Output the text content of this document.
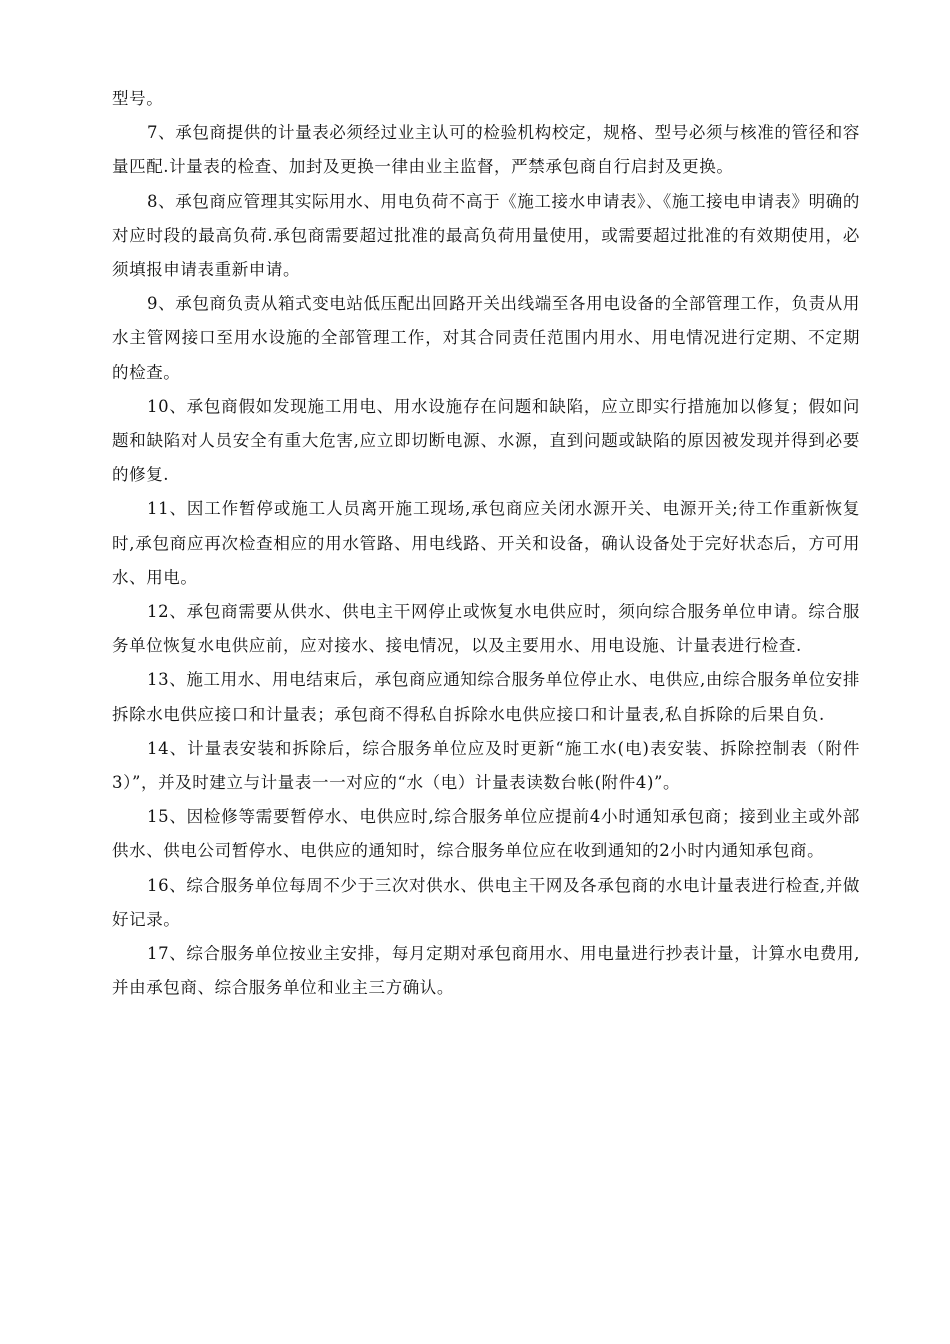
型号。

7、承包商提供的计量表必须经过业主认可的检验机构校定，规格、型号必须与核准的管径和容量匹配.计量表的检查、加封及更换一律由业主监督，严禁承包商自行启封及更换。

8、承包商应管理其实际用水、用电负荷不高于《施工接水申请表》、《施工接电申请表》明确的对应时段的最高负荷.承包商需要超过批准的最高负荷用量使用，或需要超过批准的有效期使用，必须填报申请表重新申请。

9、承包商负责从箱式变电站低压配出回路开关出线端至各用电设备的全部管理工作，负责从用水主管网接口至用水设施的全部管理工作，对其合同责任范围内用水、用电情况进行定期、不定期的检查。

10、承包商假如发现施工用电、用水设施存在问题和缺陷，应立即实行措施加以修复；假如问题和缺陷对人员安全有重大危害,应立即切断电源、水源，直到问题或缺陷的原因被发现并得到必要的修复.

11、因工作暂停或施工人员离开施工现场,承包商应关闭水源开关、电源开关;待工作重新恢复时,承包商应再次检查相应的用水管路、用电线路、开关和设备，确认设备处于完好状态后，方可用水、用电。

12、承包商需要从供水、供电主干网停止或恢复水电供应时，须向综合服务单位申请。综合服务单位恢复水电供应前，应对接水、接电情况，以及主要用水、用电设施、计量表进行检查.

13、施工用水、用电结束后，承包商应通知综合服务单位停止水、电供应,由综合服务单位安排拆除水电供应接口和计量表；承包商不得私自拆除水电供应接口和计量表,私自拆除的后果自负.

14、计量表安装和拆除后，综合服务单位应及时更新“施工水(电)表安装、拆除控制表（附件3）”，并及时建立与计量表一一对应的“水（电）计量表读数台帐(附件4)”。

15、因检修等需要暂停水、电供应时,综合服务单位应提前4小时通知承包商；接到业主或外部供水、供电公司暂停水、电供应的通知时，综合服务单位应在收到通知的2小时内通知承包商。

16、综合服务单位每周不少于三次对供水、供电主干网及各承包商的水电计量表进行检查,并做好记录。

17、综合服务单位按业主安排，每月定期对承包商用水、用电量进行抄表计量，计算水电费用,并由承包商、综合服务单位和业主三方确认。
